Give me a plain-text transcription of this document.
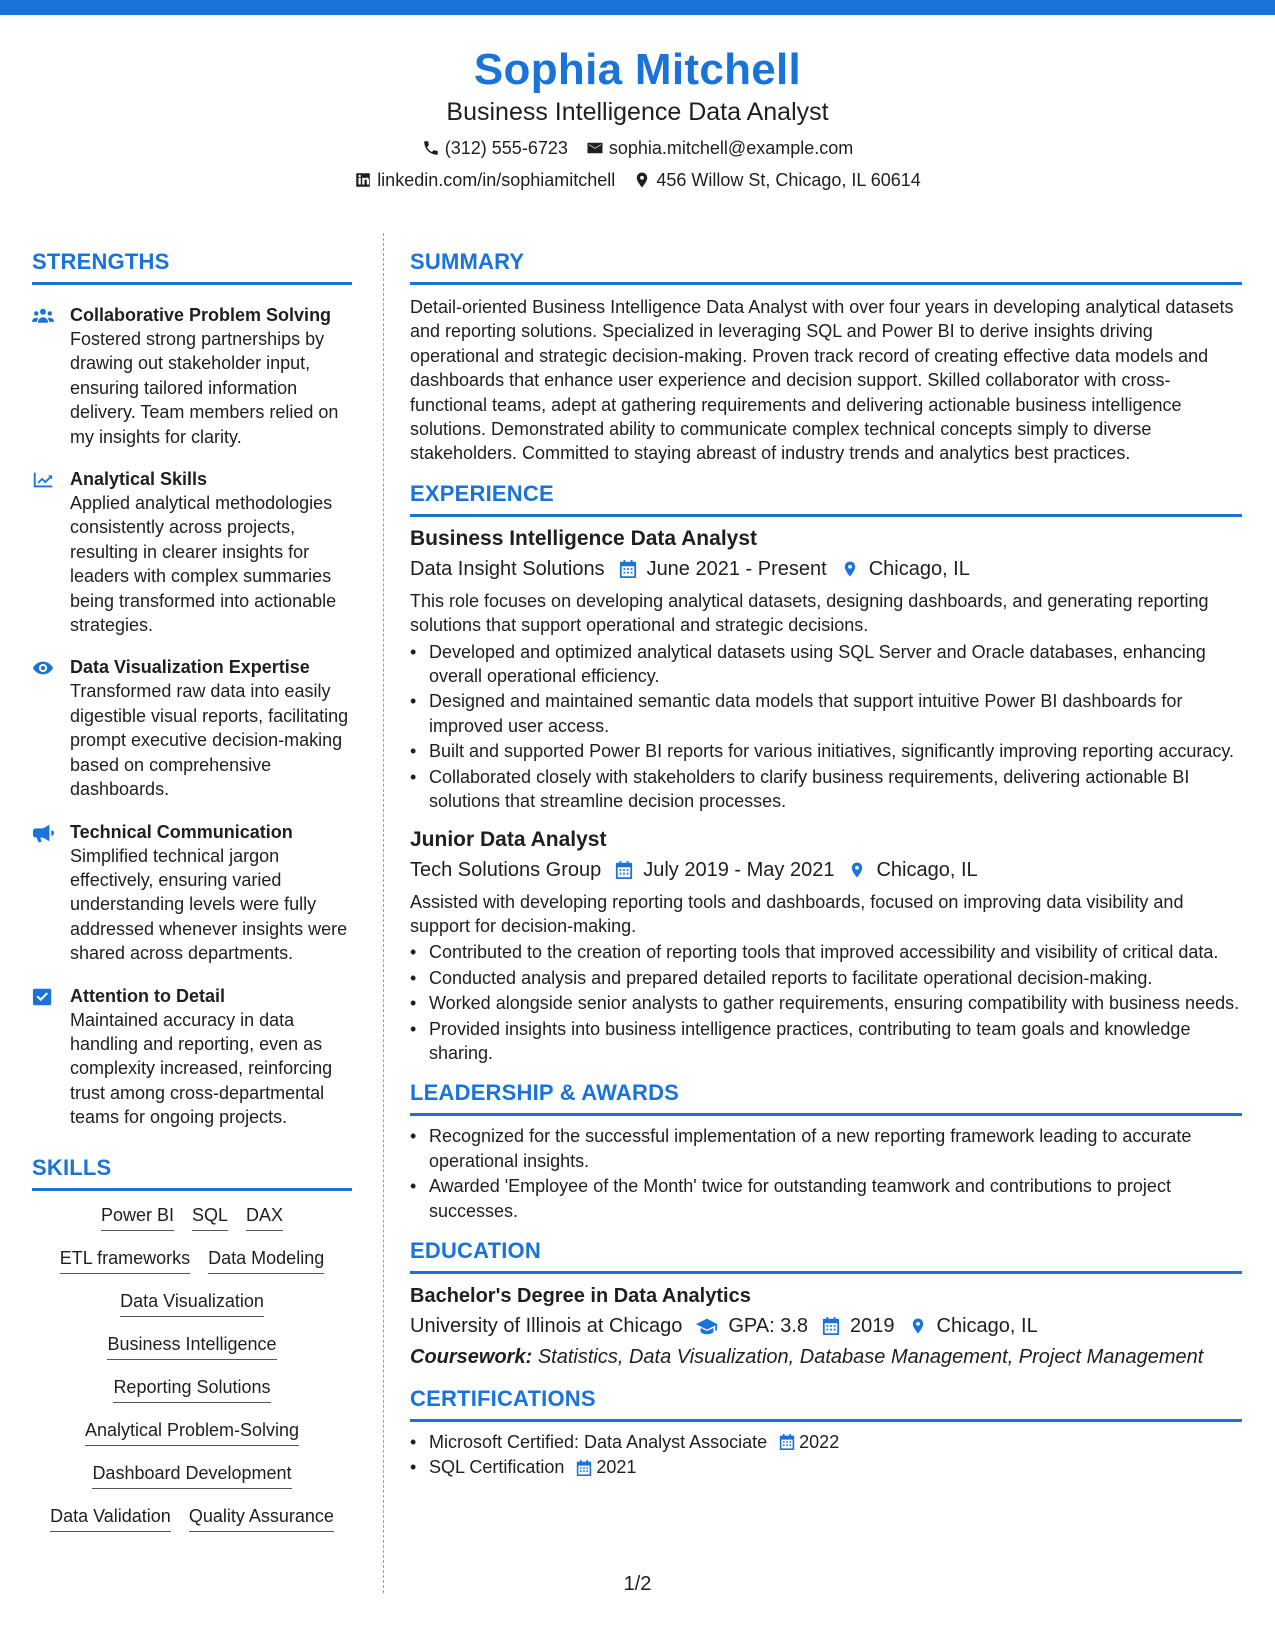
Sophia Mitchell
Business Intelligence Data Analyst
(312) 555-6723 sophia.mitchell@example.com
linkedin.com/in/sophiamitchell 456 Willow St, Chicago, IL 60614
STRENGTHS
Collaborative Problem Solving
Fostered strong partnerships by drawing out stakeholder input, ensuring tailored information delivery. Team members relied on my insights for clarity.
Analytical Skills
Applied analytical methodologies consistently across projects, resulting in clearer insights for leaders with complex summaries being transformed into actionable strategies.
Data Visualization Expertise
Transformed raw data into easily digestible visual reports, facilitating prompt executive decision-making based on comprehensive dashboards.
Technical Communication
Simplified technical jargon effectively, ensuring varied understanding levels were fully addressed whenever insights were shared across departments.
Attention to Detail
Maintained accuracy in data handling and reporting, even as complexity increased, reinforcing trust among cross-departmental teams for ongoing projects.
SKILLS
Power BI SQL DAX
ETL frameworks Data Modeling
Data Visualization
Business Intelligence
Reporting Solutions
Analytical Problem-Solving
Dashboard Development
Data Validation Quality Assurance
SUMMARY
Detail-oriented Business Intelligence Data Analyst with over four years in developing analytical datasets and reporting solutions. Specialized in leveraging SQL and Power BI to derive insights driving operational and strategic decision-making. Proven track record of creating effective data models and dashboards that enhance user experience and decision support. Skilled collaborator with cross-functional teams, adept at gathering requirements and delivering actionable business intelligence solutions. Demonstrated ability to communicate complex technical concepts simply to diverse stakeholders. Committed to staying abreast of industry trends and analytics best practices.
EXPERIENCE
Business Intelligence Data Analyst
Data Insight Solutions June 2021 - Present Chicago, IL
This role focuses on developing analytical datasets, designing dashboards, and generating reporting solutions that support operational and strategic decisions.
• Developed and optimized analytical datasets using SQL Server and Oracle databases, enhancing overall operational efficiency.
• Designed and maintained semantic data models that support intuitive Power BI dashboards for improved user access.
• Built and supported Power BI reports for various initiatives, significantly improving reporting accuracy.
• Collaborated closely with stakeholders to clarify business requirements, delivering actionable BI solutions that streamline decision processes.
Junior Data Analyst
Tech Solutions Group July 2019 - May 2021 Chicago, IL
Assisted with developing reporting tools and dashboards, focused on improving data visibility and support for decision-making.
• Contributed to the creation of reporting tools that improved accessibility and visibility of critical data.
• Conducted analysis and prepared detailed reports to facilitate operational decision-making.
• Worked alongside senior analysts to gather requirements, ensuring compatibility with business needs.
• Provided insights into business intelligence practices, contributing to team goals and knowledge sharing.
LEADERSHIP & AWARDS
• Recognized for the successful implementation of a new reporting framework leading to accurate operational insights.
• Awarded 'Employee of the Month' twice for outstanding teamwork and contributions to project successes.
EDUCATION
Bachelor's Degree in Data Analytics
University of Illinois at Chicago GPA: 3.8 2019 Chicago, IL
Coursework: Statistics, Data Visualization, Database Management, Project Management
CERTIFICATIONS
• Microsoft Certified: Data Analyst Associate 2022
• SQL Certification 2021
1/2
